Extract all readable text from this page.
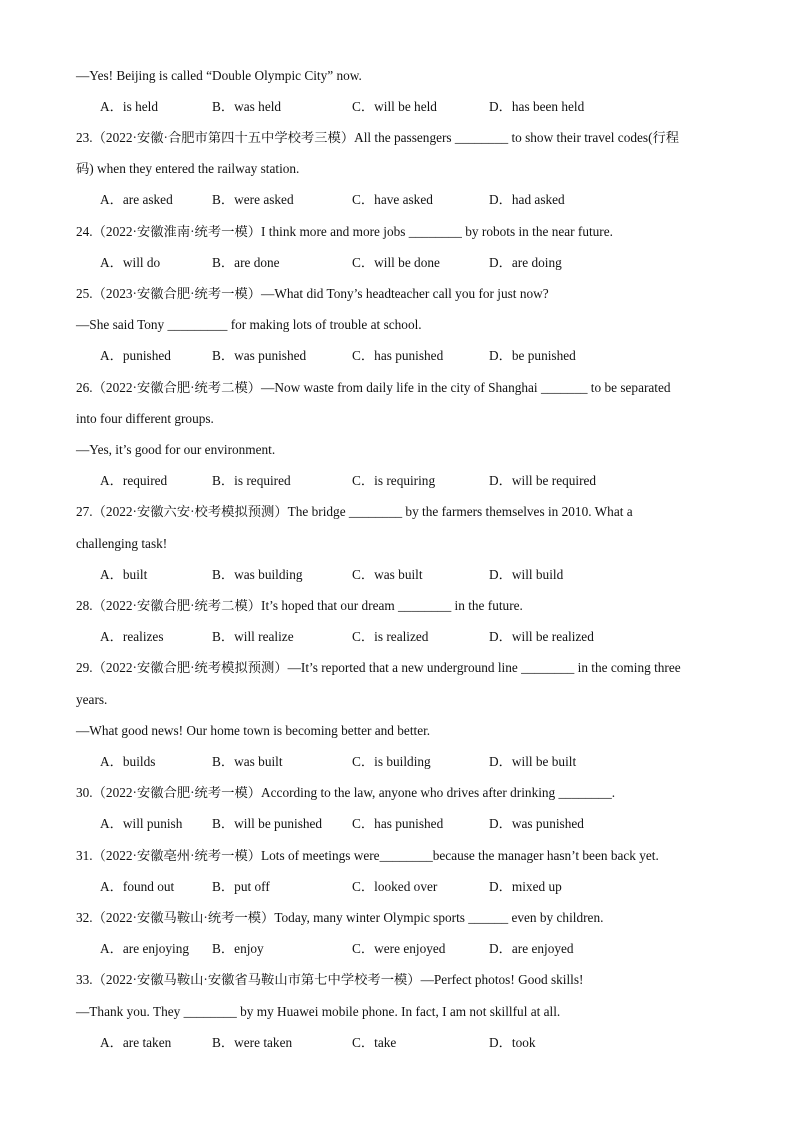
—Yes! Beijing is called “Double Olympic City” now.
A．is held	B．was held	C．will be held	D．has been held
23.（2022·安徽·合肥市第四十五中学校考三模）All the passengers ________ to show their travel codes(行程
码) when they entered the railway station.
A．are asked	B．were asked	C．have asked	D．had asked
24.（2022·安徽淮南·统考一模）I think more and more jobs ________ by robots in the near future.
A．will do	B．are done	C．will be done	D．are doing
25.（2023·安徽合肥·统考一模）—What did Tony’s headteacher call you for just now?
—She said Tony _________ for making lots of trouble at school.
A．punished	B．was punished	C．has punished	D．be punished
26.（2022·安徽合肥·统考二模）—Now waste from daily life in the city of Shanghai _______ to be separated
into four different groups.
—Yes, it’s good for our environment.
A．required	B．is required	C．is requiring	D．will be required
27.（2022·安徽六安·校考模拟预测）The bridge ________ by the farmers themselves in 2010. What a
challenging task!
A．built	B．was building	C．was built	D．will build
28.（2022·安徽合肥·统考二模）It’s hoped that our dream ________ in the future.
A．realizes	B．will realize	C．is realized	D．will be realized
29.（2022·安徽合肥·统考模拟预测）—It’s reported that a new underground line ________ in the coming three
years.
—What good news! Our home town is becoming better and better.
A．builds	B．was built	C．is building	D．will be built
30.（2022·安徽合肥·统考一模）According to the law, anyone who drives after drinking ________.
A．will punish B．will be punished C．has punished	D．was punished
31.（2022·安徽亳州·统考一模）Lots of meetings were________because the manager hasn’t been back yet.
A．found out	B．put off	C．looked over	D．mixed up
32.（2022·安徽马鞍山·统考一模）Today, many winter Olympic sports ______ even by children.
A．are enjoying B．enjoy	C．were enjoyed	D．are enjoyed
33.（2022·安徽马鞍山·安徽省马鞍山市第七中学校考一模）—Perfect photos! Good skills!
—Thank you. They ________ by my Huawei mobile phone. In fact, I am not skillful at all.
A．are taken	B．were taken	C．take	D．took
